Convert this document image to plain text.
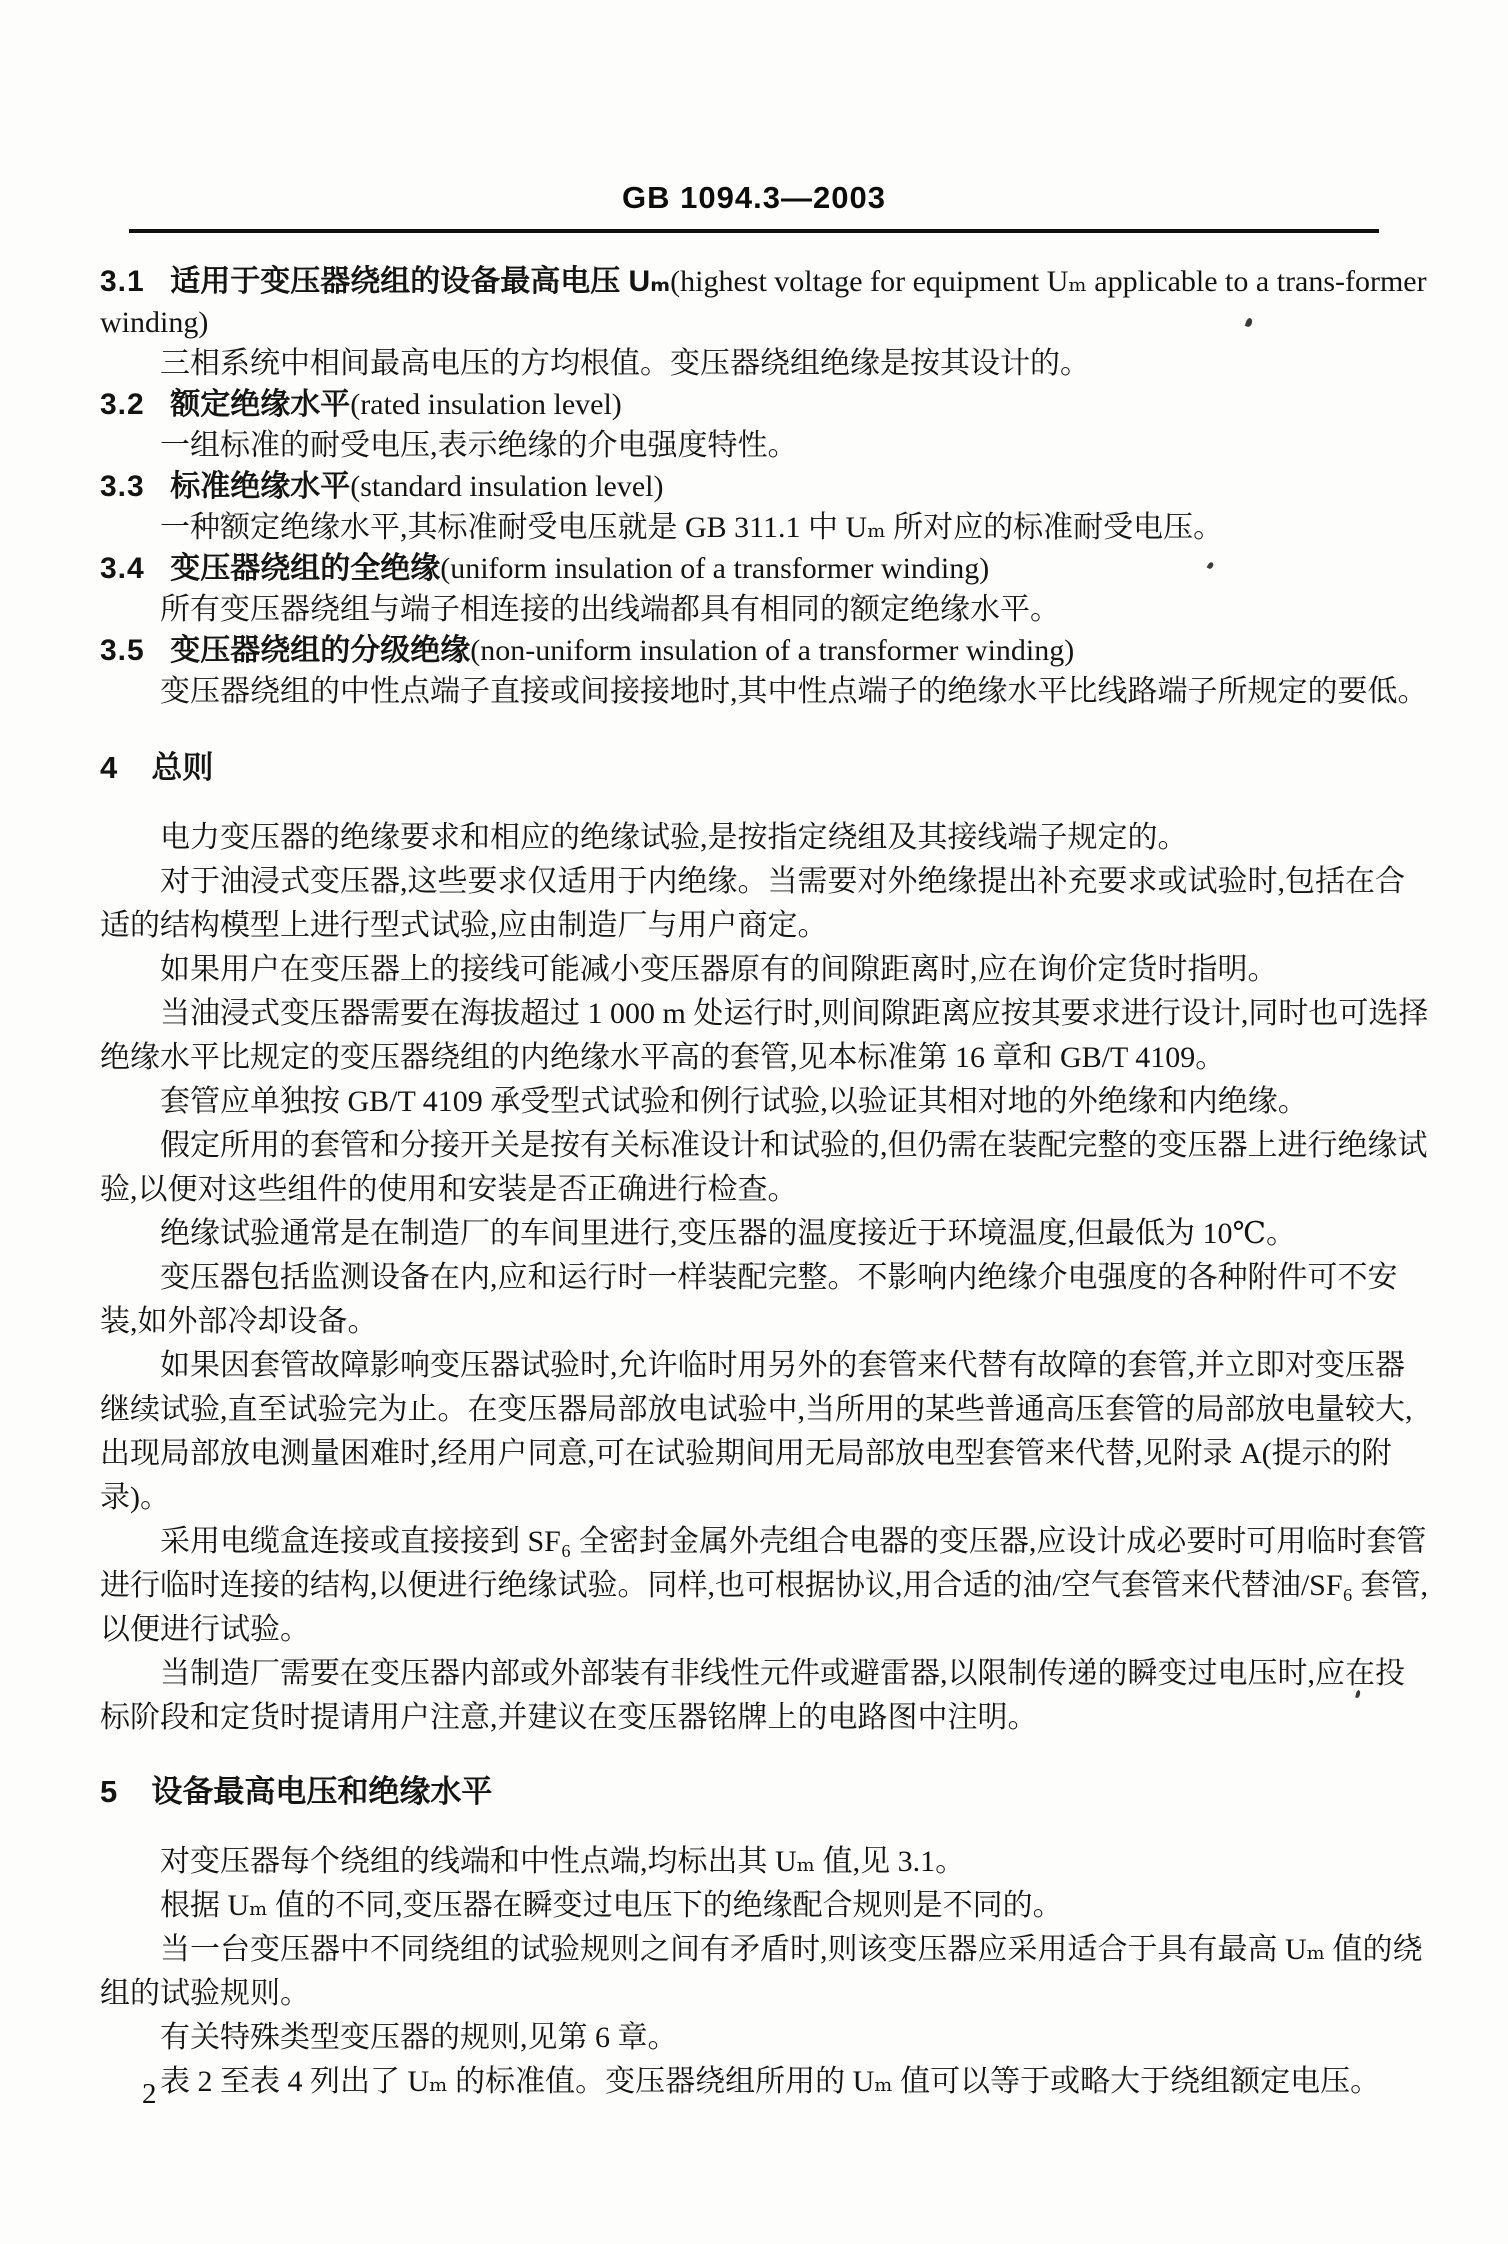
GB 1094.3—2003

3.1 适用于变压器绕组的设备最高电压 Uₘ(highest voltage for equipment Uₘ applicable to a trans-former winding)

三相系统中相间最高电压的方均根值。变压器绕组绝缘是按其设计的。

3.2 额定绝缘水平(rated insulation level)

一组标准的耐受电压,表示绝缘的介电强度特性。

3.3 标准绝缘水平(standard insulation level)

一种额定绝缘水平,其标准耐受电压就是 GB 311.1 中 Uₘ 所对应的标准耐受电压。

3.4 变压器绕组的全绝缘(uniform insulation of a transformer winding)

所有变压器绕组与端子相连接的出线端都具有相同的额定绝缘水平。

3.5 变压器绕组的分级绝缘(non-uniform insulation of a transformer winding)

变压器绕组的中性点端子直接或间接接地时,其中性点端子的绝缘水平比线路端子所规定的要低。

4 总则

电力变压器的绝缘要求和相应的绝缘试验,是按指定绕组及其接线端子规定的。

对于油浸式变压器,这些要求仅适用于内绝缘。当需要对外绝缘提出补充要求或试验时,包括在合适的结构模型上进行型式试验,应由制造厂与用户商定。

如果用户在变压器上的接线可能减小变压器原有的间隙距离时,应在询价定货时指明。

当油浸式变压器需要在海拔超过 1 000 m 处运行时,则间隙距离应按其要求进行设计,同时也可选择绝缘水平比规定的变压器绕组的内绝缘水平高的套管,见本标准第 16 章和 GB/T 4109。

套管应单独按 GB/T 4109 承受型式试验和例行试验,以验证其相对地的外绝缘和内绝缘。

假定所用的套管和分接开关是按有关标准设计和试验的,但仍需在装配完整的变压器上进行绝缘试验,以便对这些组件的使用和安装是否正确进行检查。

绝缘试验通常是在制造厂的车间里进行,变压器的温度接近于环境温度,但最低为 10℃。

变压器包括监测设备在内,应和运行时一样装配完整。不影响内绝缘介电强度的各种附件可不安装,如外部冷却设备。

如果因套管故障影响变压器试验时,允许临时用另外的套管来代替有故障的套管,并立即对变压器继续试验,直至试验完为止。在变压器局部放电试验中,当所用的某些普通高压套管的局部放电量较大,出现局部放电测量困难时,经用户同意,可在试验期间用无局部放电型套管来代替,见附录 A(提示的附录)。

采用电缆盒连接或直接接到 SF₆ 全密封金属外壳组合电器的变压器,应设计成必要时可用临时套管进行临时连接的结构,以便进行绝缘试验。同样,也可根据协议,用合适的油/空气套管来代替油/SF₆ 套管,以便进行试验。

当制造厂需要在变压器内部或外部装有非线性元件或避雷器,以限制传递的瞬变过电压时,应在投标阶段和定货时提请用户注意,并建议在变压器铭牌上的电路图中注明。

5 设备最高电压和绝缘水平

对变压器每个绕组的线端和中性点端,均标出其 Uₘ 值,见 3.1。

根据 Uₘ 值的不同,变压器在瞬变过电压下的绝缘配合规则是不同的。

当一台变压器中不同绕组的试验规则之间有矛盾时,则该变压器应采用适合于具有最高 Uₘ 值的绕组的试验规则。

有关特殊类型变压器的规则,见第 6 章。

表 2 至表 4 列出了 Uₘ 的标准值。变压器绕组所用的 Uₘ 值可以等于或略大于绕组额定电压。

2
